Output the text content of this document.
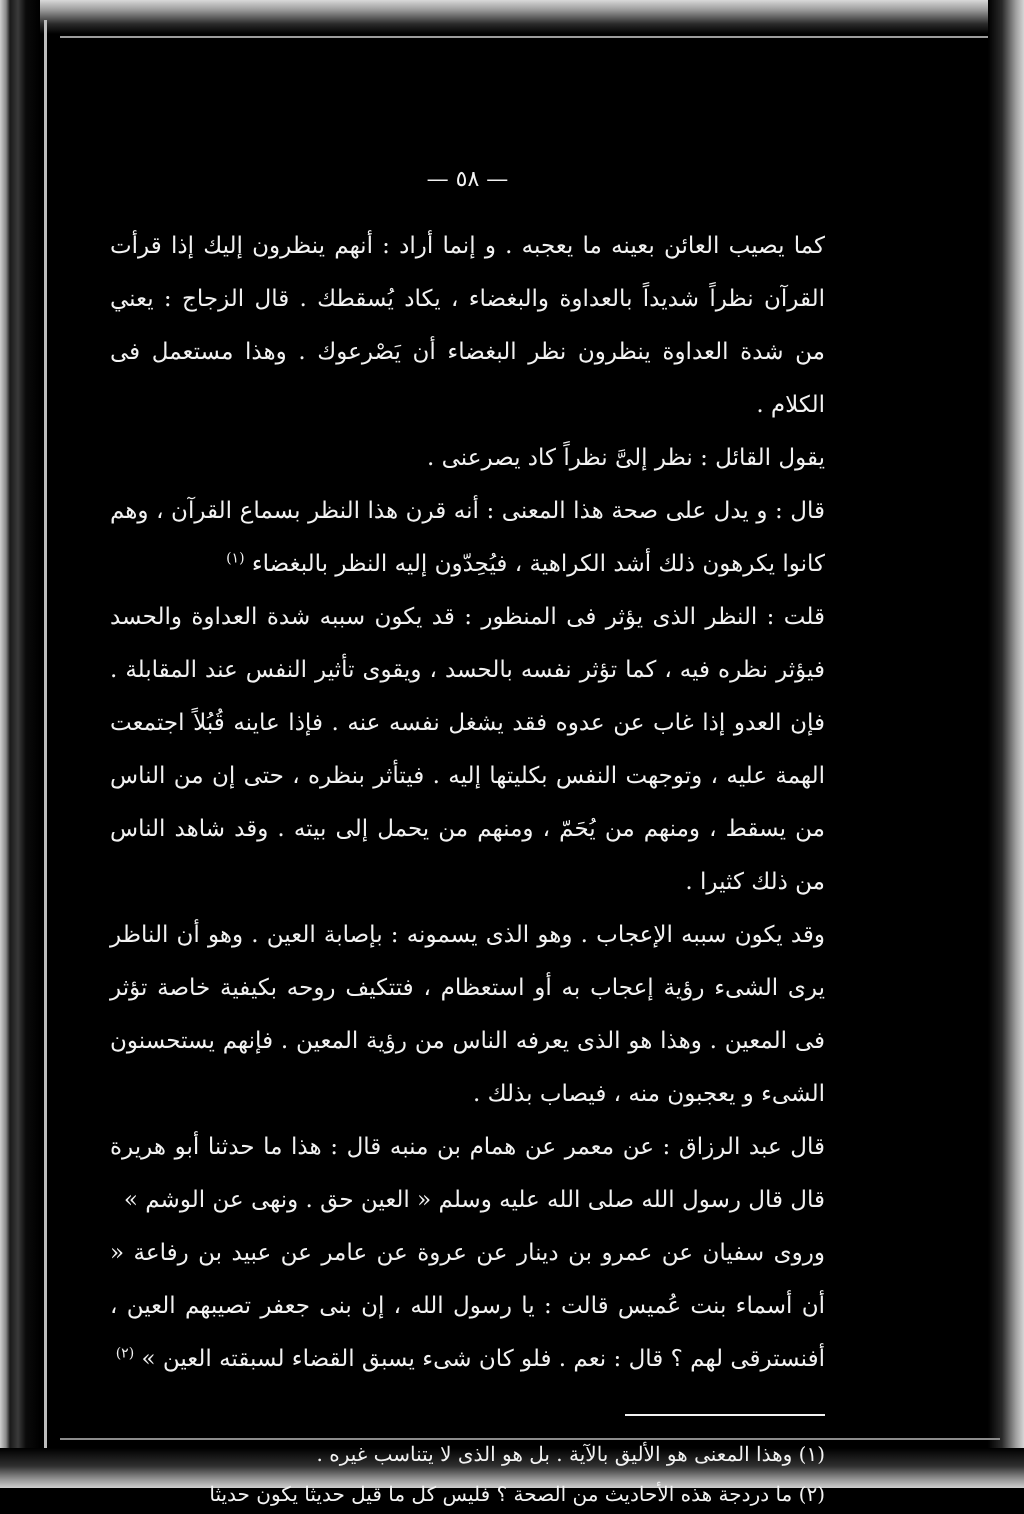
— ٥٨ —

كما يصيب العائن بعينه ما يعجبه . و إنما أراد : أنهم ينظرون إليك إذا قرأت القرآن نظراً شديداً بالعداوة والبغضاء ، يكاد يُسقطك . قال الزجاج : يعني من شدة العداوة ينظرون نظر البغضاء أن يَصْرعوك . وهذا مستعمل فى الكلام .

يقول القائل : نظر إلىَّ نظراً كاد يصرعنى .

قال : و يدل على صحة هذا المعنى : أنه قرن هذا النظر بسماع القرآن ، وهم كانوا يكرهون ذلك أشد الكراهية ، فيُحِدّون إليه النظر بالبغضاء $^{(١)}$

قلت : النظر الذى يؤثر فى المنظور : قد يكون سببه شدة العداوة والحسد فيؤثر نظره فيه ، كما تؤثر نفسه بالحسد ، ويقوى تأثير النفس عند المقابلة . فإن العدو إذا غاب عن عدوه فقد يشغل نفسه عنه . فإذا عاينه قُبُلاً اجتمعت الهمة عليه ، وتوجهت النفس بكليتها إليه . فيتأثر بنظره ، حتى إن من الناس من يسقط ، ومنهم من يُحَمّ ، ومنهم من يحمل إلى بيته . وقد شاهد الناس من ذلك كثيرا .

وقد يكون سببه الإعجاب . وهو الذى يسمونه : بإصابة العين . وهو أن الناظر يرى الشىء رؤية إعجاب به أو استعظام ، فتتكيف روحه بكيفية خاصة تؤثر فى المعين . وهذا هو الذى يعرفه الناس من رؤية المعين . فإنهم يستحسنون الشىء و يعجبون منه ، فيصاب بذلك .

قال عبد الرزاق : عن معمر عن همام بن منبه قال : هذا ما حدثنا أبو هريرة قال قال رسول الله صلى الله عليه وسلم « العين حق . ونهى عن الوشم »

وروى سفيان عن عمرو بن دينار عن عروة عن عامر عن عبيد بن رفاعة « أن أسماء بنت عُميس قالت : يا رسول الله ، إن بنى جعفر تصيبهم العين ، أفنسترقى لهم ؟ قال : نعم . فلو كان شىء يسبق القضاء لسبقته العين » $^{(٢)}$

(١) وهذا المعنى هو الأليق بالآية . بل هو الذى لا يتناسب غيره .

(٢) ما دردجة هذه الأحاديث من الصحة ؟ فليس كل ما قيل حديثا يكون حديثا
